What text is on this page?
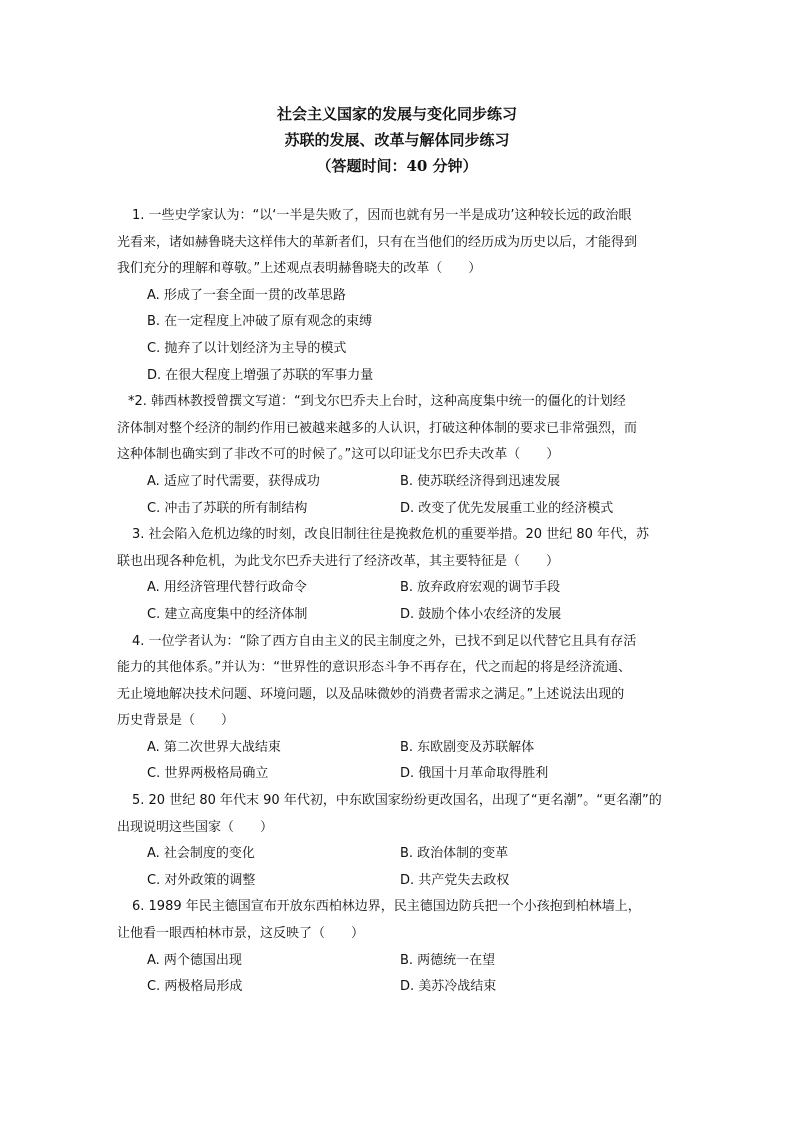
社会主义国家的发展与变化同步练习

苏联的发展、改革与解体同步练习

（答题时间：40 分钟）

1. 一些史学家认为：“以‘一半是失败了，因而也就有另一半是成功’这种较长远的政治眼

光看来，诸如赫鲁晓夫这样伟大的革新者们，只有在当他们的经历成为历史以后，才能得到

我们充分的理解和尊敬。”上述观点表明赫鲁晓夫的改革（　　）

A. 形成了一套全面一贯的改革思路
B. 在一定程度上冲破了原有观念的束缚
C. 抛弃了以计划经济为主导的模式
D. 在很大程度上增强了苏联的军事力量

*2. 韩西林教授曾撰文写道：“到戈尔巴乔夫上台时，这种高度集中统一的僵化的计划经

济体制对整个经济的制约作用已被越来越多的人认识，打破这种体制的要求已非常强烈，而

这种体制也确实到了非改不可的时候了。”这可以印证戈尔巴乔夫改革（　　）

A. 适应了时代需要，获得成功	B. 使苏联经济得到迅速发展
C. 冲击了苏联的所有制结构	D. 改变了优先发展重工业的经济模式

3. 社会陷入危机边缘的时刻，改良旧制往往是挽救危机的重要举措。20 世纪 80 年代，苏

联也出现各种危机，为此戈尔巴乔夫进行了经济改革，其主要特征是（　　）

A. 用经济管理代替行政命令	B. 放弃政府宏观的调节手段
C. 建立高度集中的经济体制	D. 鼓励个体小农经济的发展

4. 一位学者认为：“除了西方自由主义的民主制度之外，已找不到足以代替它且具有存活

能力的其他体系。”并认为：“世界性的意识形态斗争不再存在，代之而起的将是经济流通、

无止境地解决技术问题、环境问题，以及品味微妙的消费者需求之满足。”上述说法出现的

历史背景是（　　）

A. 第二次世界大战结束	B. 东欧剧变及苏联解体
C. 世界两极格局确立	D. 俄国十月革命取得胜利

5. 20 世纪 80 年代末 90 年代初，中东欧国家纷纷更改国名，出现了“更名潮”。“更名潮”的

出现说明这些国家（　　）

A. 社会制度的变化	B. 政治体制的变革
C. 对外政策的调整	D. 共产党失去政权

6. 1989 年民主德国宣布开放东西柏林边界，民主德国边防兵把一个小孩抱到柏林墙上，

让他看一眼西柏林市景，这反映了（　　）

A. 两个德国出现	B. 两德统一在望
C. 两极格局形成	D. 美苏冷战结束
